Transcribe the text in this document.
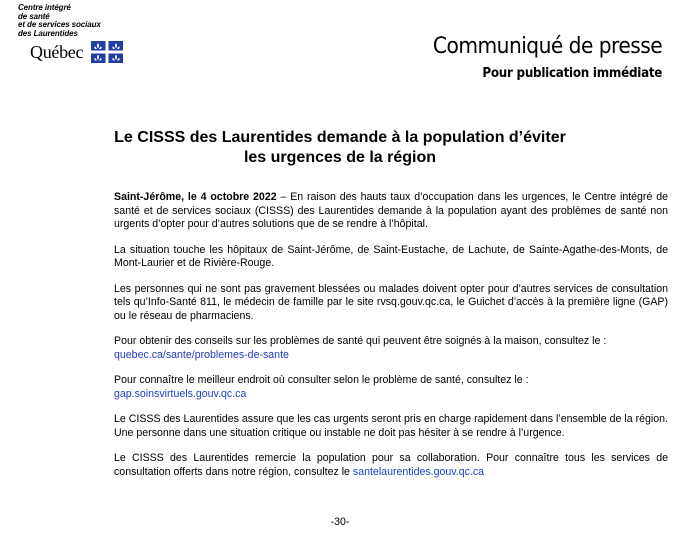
Centre intégré
de santé
et de services sociaux
des Laurentides
Québec	Communiqué de presse
Pour publication immédiate
Le CISSS des Laurentides demande à la population d’éviter
les urgences de la région

Saint-Jérôme, le 4 octobre 2022 – En raison des hauts taux d’occupation dans les urgences, le Centre intégré de santé et de services sociaux (CISSS) des Laurentides demande à la population ayant des problèmes de santé non urgents d’opter pour d’autres solutions que de se rendre à l’hôpital.

La situation touche les hôpitaux de Saint-Jérôme, de Saint-Eustache, de Lachute, de Sainte-Agathe-des-Monts, de Mont-Laurier et de Rivière-Rouge.

Les personnes qui ne sont pas gravement blessées ou malades doivent opter pour d’autres services de consultation tels qu’Info-Santé 811, le médecin de famille par le site rvsq.gouv.qc.ca, le Guichet d’accès à la première ligne (GAP) ou le réseau de pharmaciens.

Pour obtenir des conseils sur les problèmes de santé qui peuvent être soignés à la maison, consultez le :
quebec.ca/sante/problemes-de-sante

Pour connaître le meilleur endroit où consulter selon le problème de santé, consultez le :
gap.soinsvirtuels.gouv.qc.ca

Le CISSS des Laurentides assure que les cas urgents seront pris en charge rapidement dans l’ensemble de la région. Une personne dans une situation critique ou instable ne doit pas hésiter à se rendre à l’urgence.

Le CISSS des Laurentides remercie la population pour sa collaboration. Pour connaître tous les services de consultation offerts dans notre région, consultez le santelaurentides.gouv.qc.ca

-30-
